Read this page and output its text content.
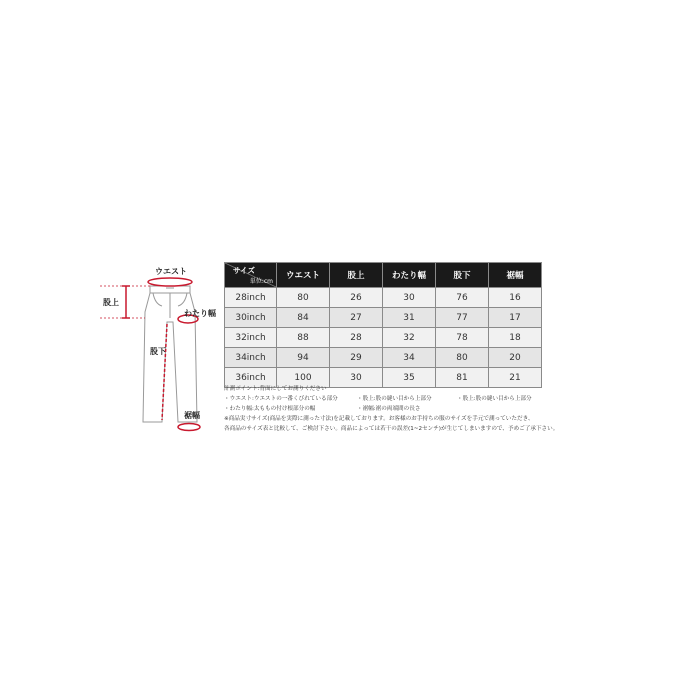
ウエスト
股上
わたり幅
股下
裾幅
サイズ
単位:cm	ウエスト	股上	わたり幅	股下	裾幅
28inch	80	26	30	76	16
30inch	84	27	31	77	17
32inch	88	28	32	78	18
34inch	94	29	34	80	20
36inch	100	30	35	81	21
計測ポイント:背面にしてお測りください
・ウエスト:ウエストの一番くびれている部分	・股上:股の縫い目から上部分	・股上:股の縫い目から上部分
・わたり幅:太ももの付け根部分の幅	・裾幅:裾の両端間の長さ
※商品実寸サイズ(商品を実際に測った寸法)を記載しております。お客様のお手持ちの服のサイズを手元で測っていただき、
各商品のサイズ表と比較して、ご検討下さい。商品によっては若干の誤差(1~2センチ)が生じてしまいますので、予めご了承下さい。
